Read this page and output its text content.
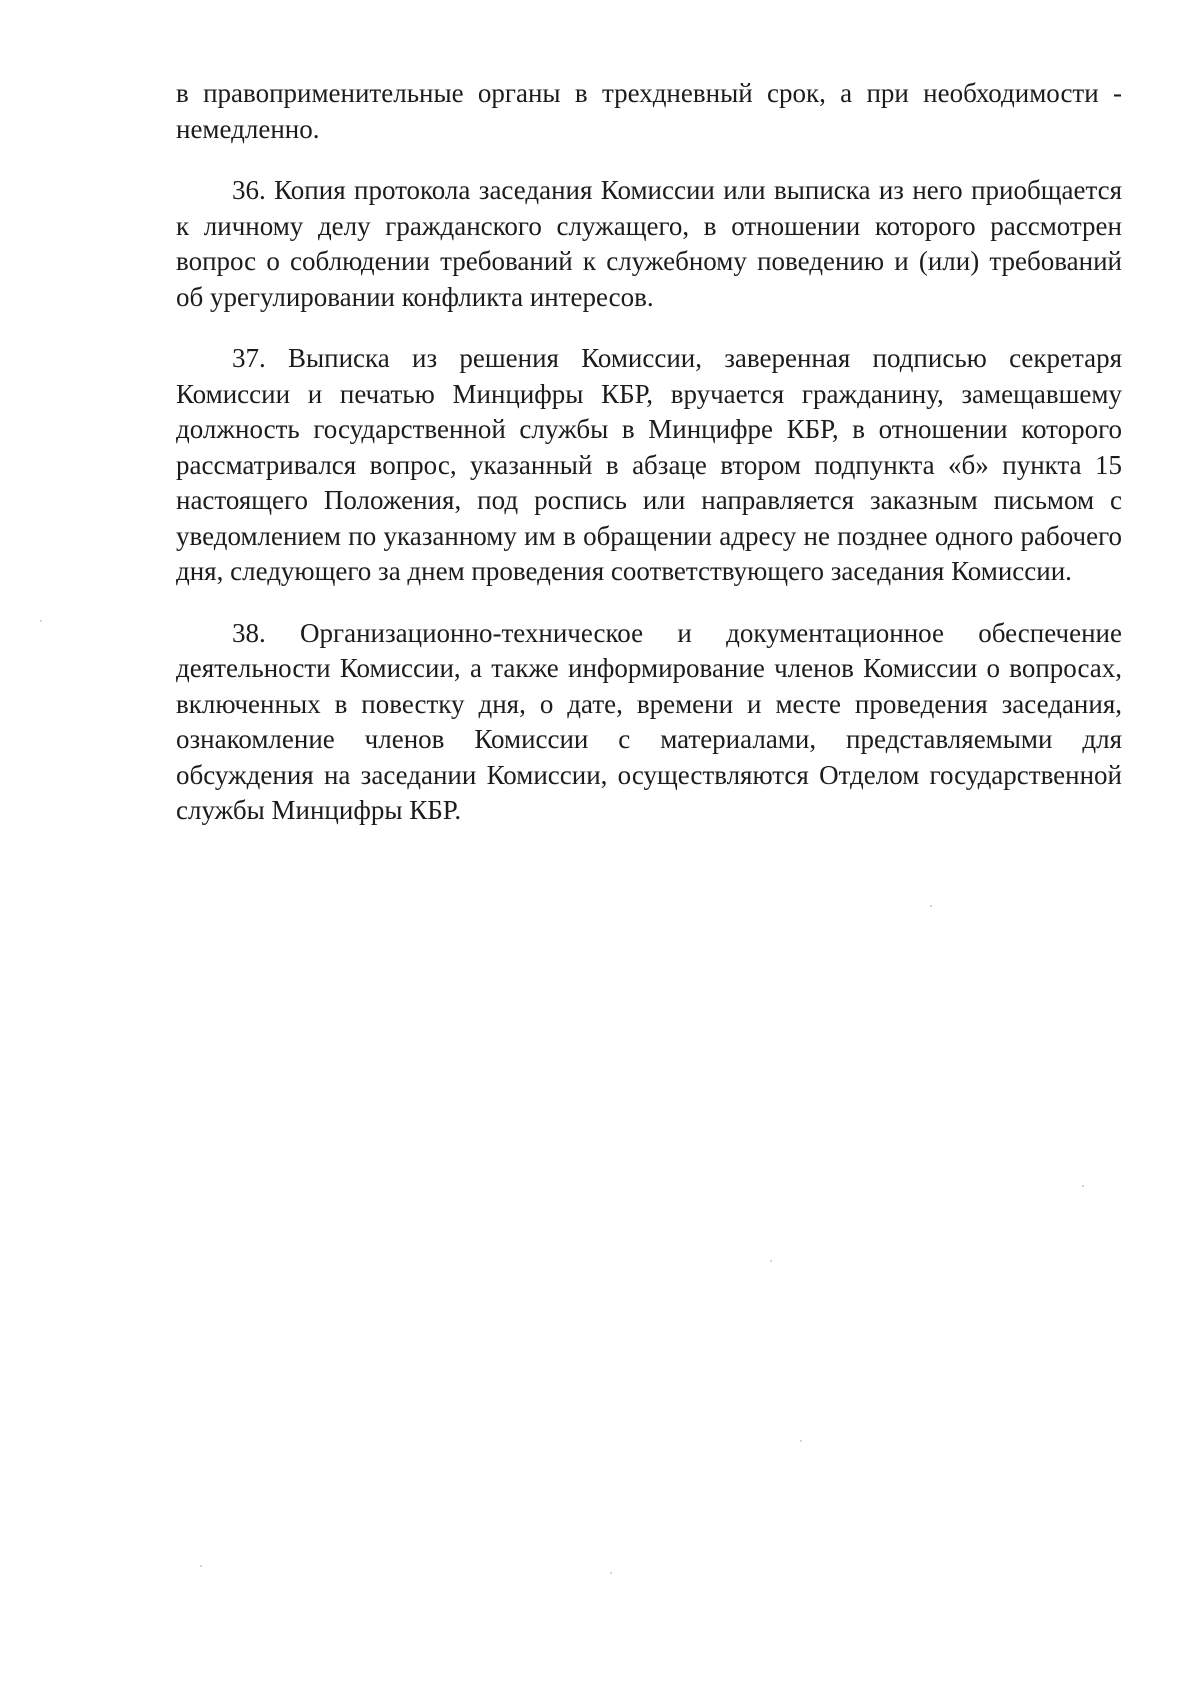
в правоприменительные органы в трехдневный срок, а при необходимости - немедленно.

36. Копия протокола заседания Комиссии или выписка из него приобщается к личному делу гражданского служащего, в отношении которого рассмотрен вопрос о соблюдении требований к служебному поведению и (или) требований об урегулировании конфликта интересов.

37. Выписка из решения Комиссии, заверенная подписью секретаря Комиссии и печатью Минцифры КБР, вручается гражданину, замещавшему должность государственной службы в Минцифре КБР, в отношении которого рассматривался вопрос, указанный в абзаце втором подпункта «б» пункта 15 настоящего Положения, под роспись или направляется заказным письмом с уведомлением по указанному им в обращении адресу не позднее одного рабочего дня, следующего за днем проведения соответствующего заседания Комиссии.

38. Организационно-техническое и документационное обеспечение деятельности Комиссии, а также информирование членов Комиссии о вопросах, включенных в повестку дня, о дате, времени и месте проведения заседания, ознакомление членов Комиссии с материалами, представляемыми для обсуждения на заседании Комиссии, осуществляются Отделом государственной службы Минцифры КБР.
